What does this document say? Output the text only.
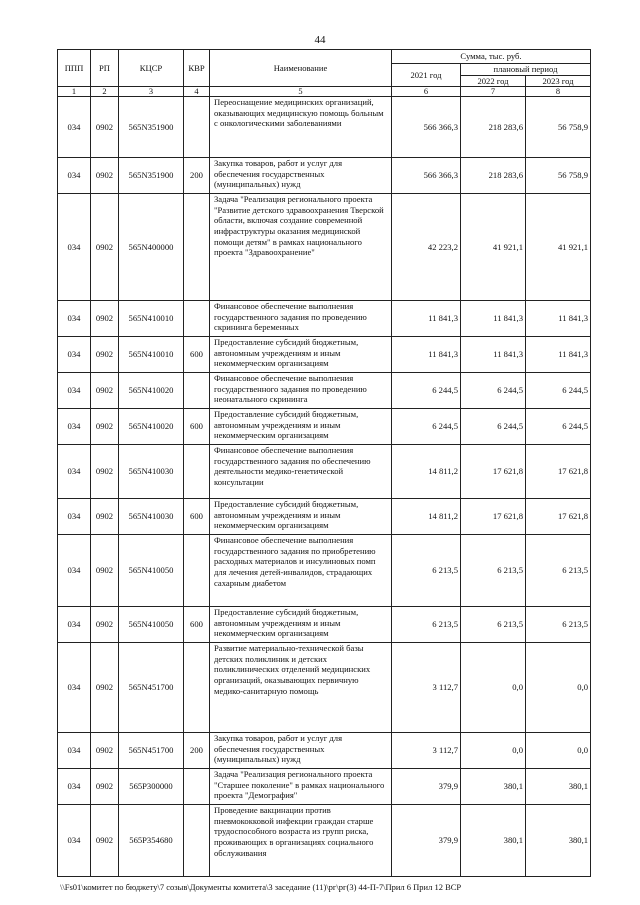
44
ППП	РП	КЦСР	КВР	Наименование	Сумма, тыс. руб.		
					2021 год	плановый период	
						2022 год	2023 год
1	2	3	4	5	6	7	8
034	0902	565N351900		Переоснащение медицинских организаций, оказывающих медицинскую помощь больным с онкологическими заболеваниями	566 366,3	218 283,6	56 758,9
034	0902	565N351900	200	Закупка товаров, работ и услуг для обеспечения государственных (муниципальных) нужд	566 366,3	218 283,6	56 758,9
034	0902	565N400000		Задача "Реализация регионального проекта "Развитие детского здравоохранения Тверской области, включая создание современной инфраструктуры оказания медицинской помощи детям" в рамках национального проекта "Здравоохранение"	42 223,2	41 921,1	41 921,1
034	0902	565N410010		Финансовое обеспечение выполнения государственного задания по проведению скрининга беременных	11 841,3	11 841,3	11 841,3
034	0902	565N410010	600	Предоставление субсидий бюджетным, автономным учреждениям и иным некоммерческим организациям	11 841,3	11 841,3	11 841,3
034	0902	565N410020		Финансовое обеспечение выполнения государственного задания по проведению неонатального скрининга	6 244,5	6 244,5	6 244,5
034	0902	565N410020	600	Предоставление субсидий бюджетным, автономным учреждениям и иным некоммерческим организациям	6 244,5	6 244,5	6 244,5
034	0902	565N410030		Финансовое обеспечение выполнения государственного задания по обеспечению деятельности медико-генетической консультации	14 811,2	17 621,8	17 621,8
034	0902	565N410030	600	Предоставление субсидий бюджетным, автономным учреждениям и иным некоммерческим организациям	14 811,2	17 621,8	17 621,8
034	0902	565N410050		Финансовое обеспечение выполнения государственного задания по приобретению расходных материалов и инсулиновых помп для лечения детей-инвалидов, страдающих сахарным диабетом	6 213,5	6 213,5	6 213,5
034	0902	565N410050	600	Предоставление субсидий бюджетным, автономным учреждениям и иным некоммерческим организациям	6 213,5	6 213,5	6 213,5
034	0902	565N451700		Развитие материально-технической базы детских поликлиник и детских поликлинических отделений медицинских организаций, оказывающих первичную медико-санитарную помощь	3 112,7	0,0	0,0
034	0902	565N451700	200	Закупка товаров, работ и услуг для обеспечения государственных (муниципальных) нужд	3 112,7	0,0	0,0
034	0902	565P300000		Задача "Реализация регионального проекта "Старшее поколение" в рамках национального проекта "Демография"	379,9	380,1	380,1
034	0902	565P354680		Проведение вакцинации против пневмококковой инфекции граждан старше трудоспособного возраста из групп риска, проживающих в организациях социального обслуживания	379,9	380,1	380,1
\\Fs01\комитет по бюджету\7 созыв\Документы комитета\3 заседание (11)\рг\рг(3) 44-П-7\Прил 6 Прил 12 ВСР
